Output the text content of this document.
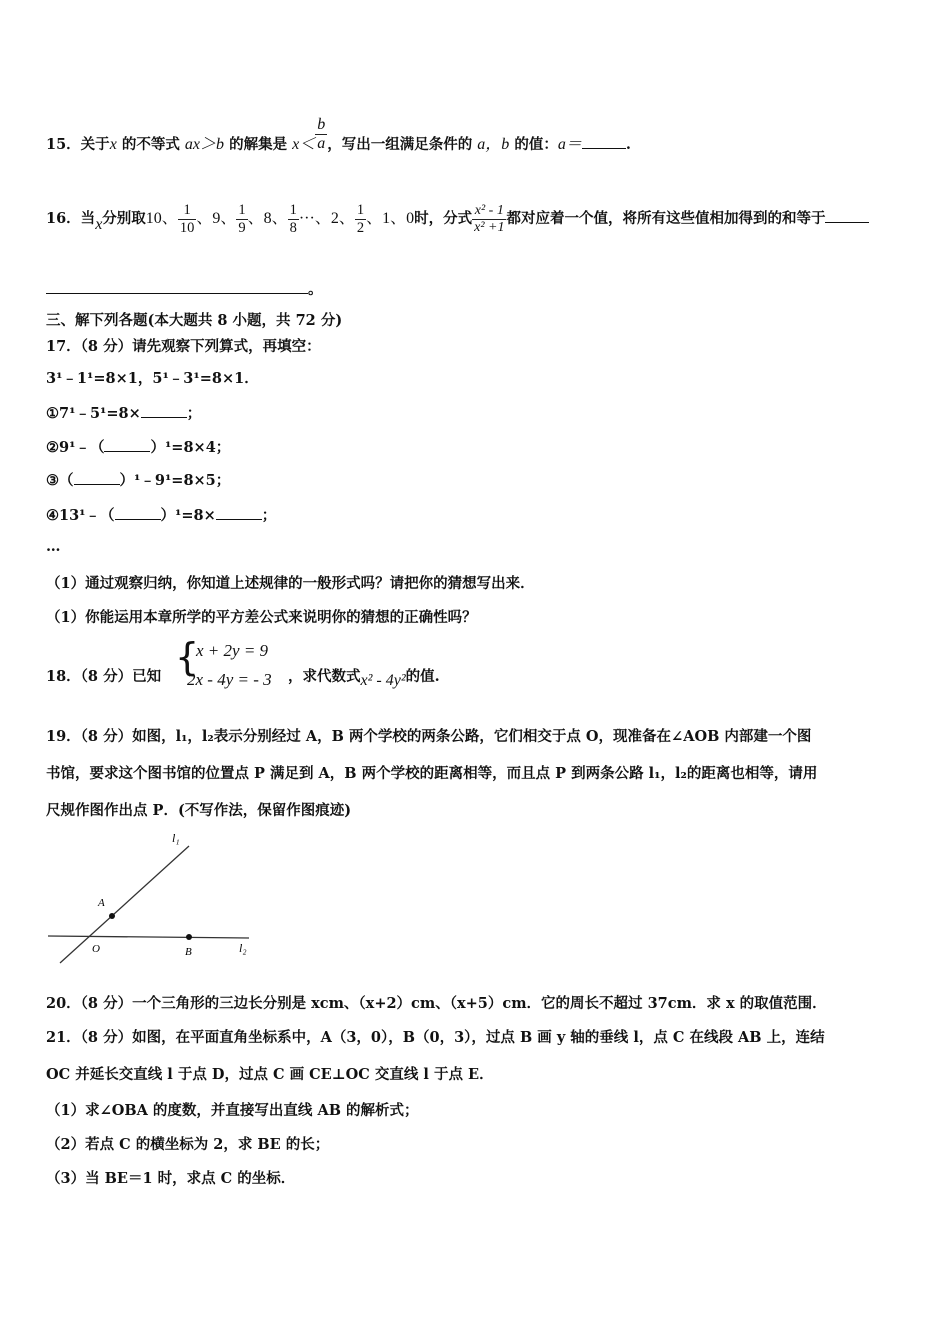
15．关于x 的不等式 ax＞b 的解集是 $x< \frac{b}{a}$ ，写出一组满足条件的 a，b 的值：a＝	.
16．当x分别取10、 $\frac{1}{10}$ 、9、 $\frac{1}{9}$ 、8、 $\frac{1}{8}$ ···、2、 $\frac{1}{2}$ 、1、0时，分式 $\frac{\text{x² - 1}}{\text{x² +1}}$ 都对应着一个值，将所有这些值相加得到的和等于
。
三、解下列各题(本大题共 8 小题，共 72 分)
17．（8 分）请先观察下列算式，再填空：
3¹﹣1¹=8×1，5¹﹣3¹=8×1．
①7¹﹣5¹=8×	；
②9¹﹣（	）¹=8×4；
③（	）¹﹣9¹=8×5；
④13¹﹣（	）¹=8×	；
…
（1）通过观察归纳，你知道上述规律的一般形式吗？请把你的猜想写出来．
（1）你能运用本章所学的平方差公式来说明你的猜想的正确性吗？
18．（8 分）已知 {
x + 2y = 9
2x - 4y = - 3 ，求代数式x² - 4y²的值.
19．（8 分）如图，l₁，l₂表示分别经过 A，B 两个学校的两条公路，它们相交于点 O，现准备在∠AOB 内部建一个图
书馆，要求这个图书馆的位置点 P 满足到 A，B 两个学校的距离相等，而且点 P 到两条公路 l₁，l₂的距离也相等，请用
尺规作图作出点 P．(不写作法，保留作图痕迹)
l₁
l₂
A
O	B
20．（8 分）一个三角形的三边长分别是 xcm、（x+2）cm、（x+5）cm．它的周长不超过 37cm．求 x 的取值范围．
21．（8 分）如图，在平面直角坐标系中，A（3，0），B（0，3），过点 B 画 y 轴的垂线 l，点 C 在线段 AB 上，连结
OC 并延长交直线 l 于点 D，过点 C 画 CE⊥OC 交直线 l 于点 E．
（1）求∠OBA 的度数，并直接写出直线 AB 的解析式；
（2）若点 C 的横坐标为 2，求 BE 的长；
（3）当 BE＝1 时，求点 C 的坐标．
